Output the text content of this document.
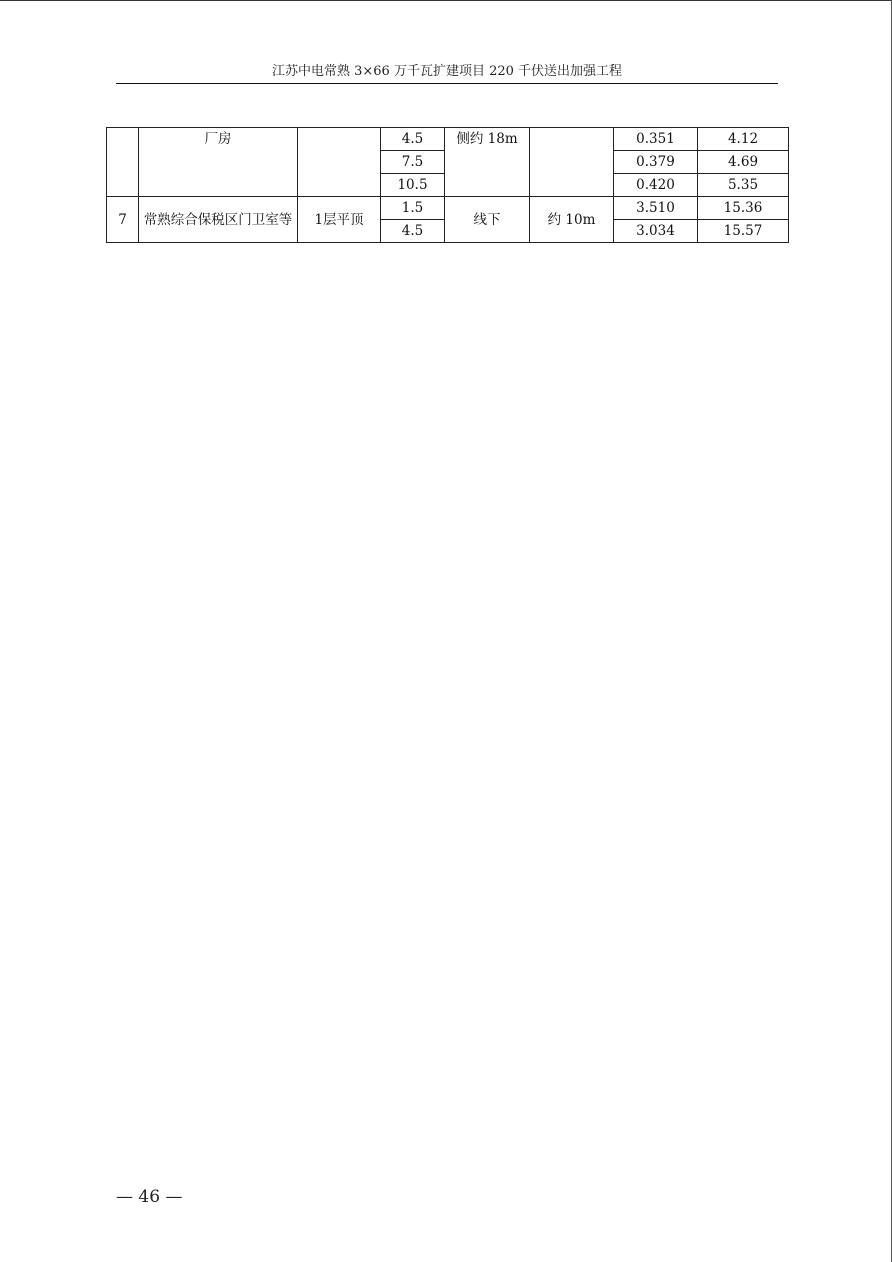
江苏中电常熟 3×66 万千瓦扩建项目 220 千伏送出加强工程
	厂房		4.5	侧约 18m		0.351	4.12
			7.5			0.379	4.69
			10.5			0.420	5.35
7	常熟综合保税区门卫室等	1层平顶	1.5	线下	约 10m	3.510	15.36
			4.5			3.034	15.57
— 46 —
